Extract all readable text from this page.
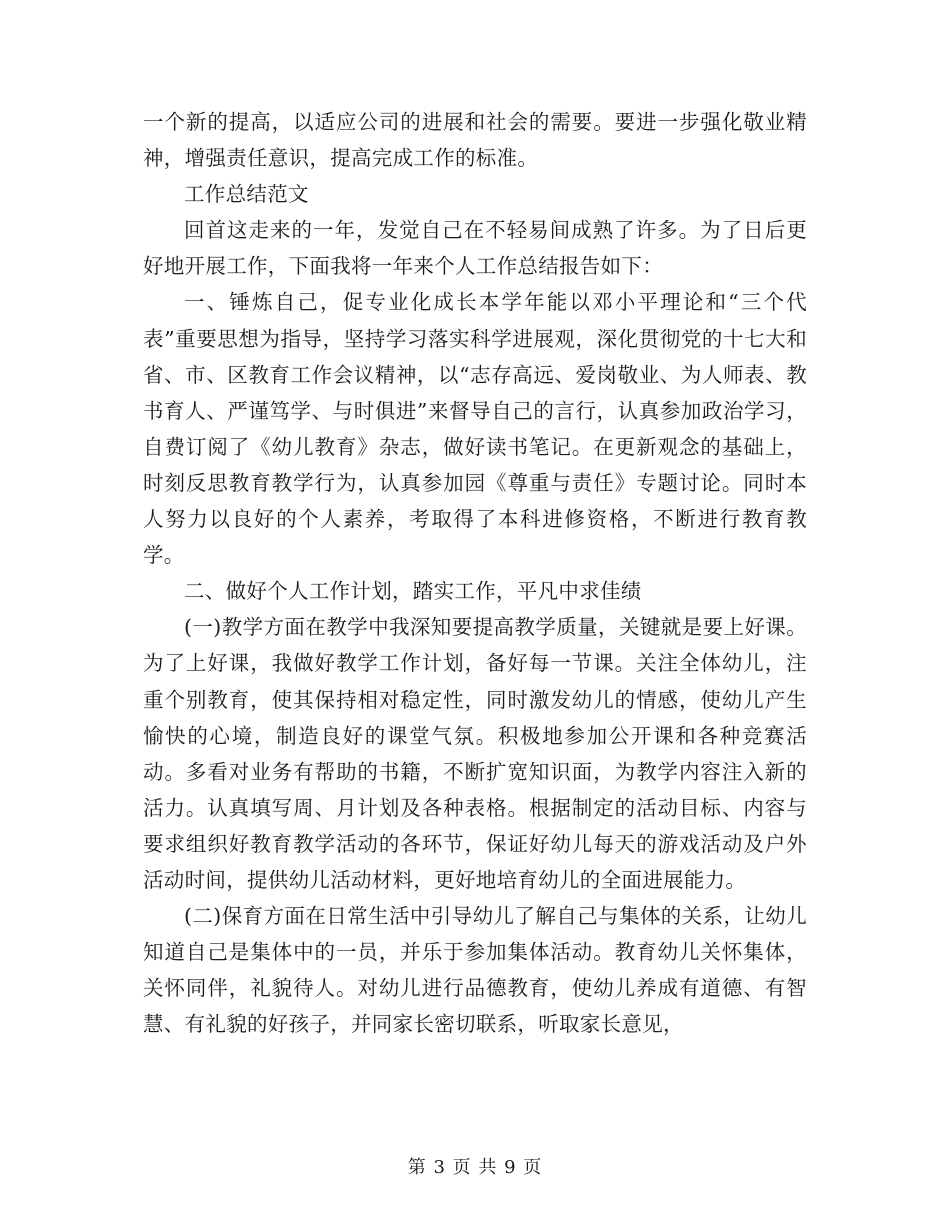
一个新的提高，以适应公司的进展和社会的需要。要进一步强化敬业精神，增强责任意识，提高完成工作的标准。

工作总结范文

回首这走来的一年，发觉自己在不轻易间成熟了许多。为了日后更好地开展工作，下面我将一年来个人工作总结报告如下：

一、锤炼自己，促专业化成长本学年能以邓小平理论和“三个代表”重要思想为指导，坚持学习落实科学进展观，深化贯彻党的十七大和省、市、区教育工作会议精神，以“志存高远、爱岗敬业、为人师表、教书育人、严谨笃学、与时俱进”来督导自己的言行，认真参加政治学习，自费订阅了《幼儿教育》杂志，做好读书笔记。在更新观念的基础上，时刻反思教育教学行为，认真参加园《尊重与责任》专题讨论。同时本人努力以良好的个人素养，考取得了本科进修资格，不断进行教育教学。

二、做好个人工作计划，踏实工作，平凡中求佳绩

(一)教学方面在教学中我深知要提高教学质量，关键就是要上好课。为了上好课，我做好教学工作计划，备好每一节课。关注全体幼儿，注重个别教育，使其保持相对稳定性，同时激发幼儿的情感，使幼儿产生愉快的心境，制造良好的课堂气氛。积极地参加公开课和各种竞赛活动。多看对业务有帮助的书籍，不断扩宽知识面，为教学内容注入新的活力。认真填写周、月计划及各种表格。根据制定的活动目标、内容与要求组织好教育教学活动的各环节，保证好幼儿每天的游戏活动及户外活动时间，提供幼儿活动材料，更好地培育幼儿的全面进展能力。

(二)保育方面在日常生活中引导幼儿了解自己与集体的关系，让幼儿知道自己是集体中的一员，并乐于参加集体活动。教育幼儿关怀集体，关怀同伴，礼貌待人。对幼儿进行品德教育，使幼儿养成有道德、有智慧、有礼貌的好孩子，并同家长密切联系，听取家长意见，

第 3 页 共 9 页
